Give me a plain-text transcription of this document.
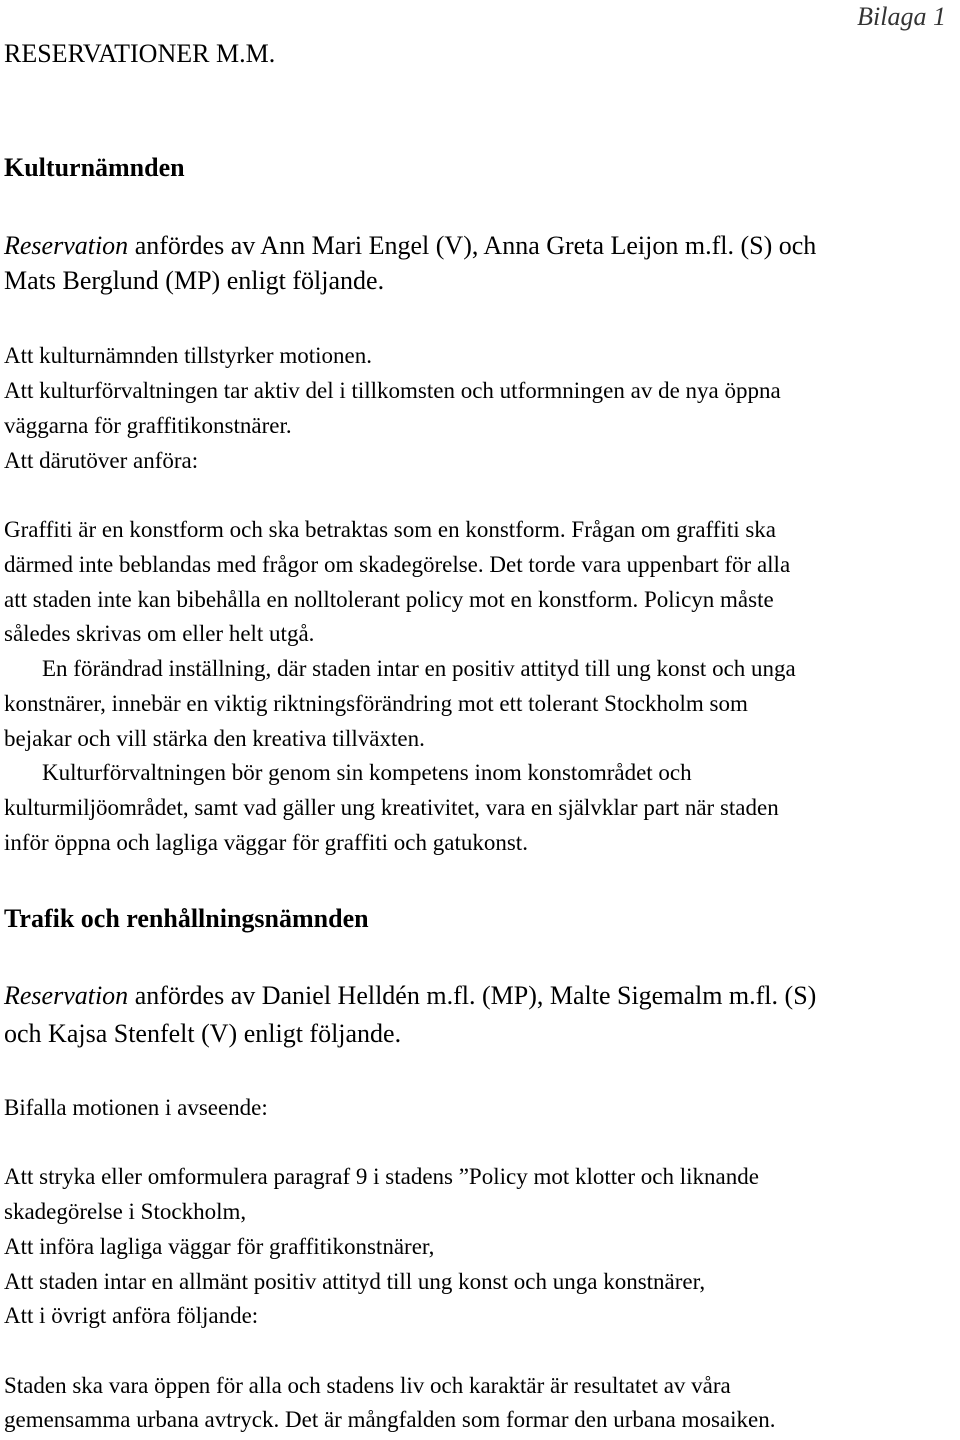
Bilaga 1
RESERVATIONER M.M.
Kulturnämnden
Reservation anfördes av Ann Mari Engel (V), Anna Greta Leijon m.fl. (S) och
Mats Berglund (MP) enligt följande.
Att kulturnämnden tillstyrker motionen.
Att kulturförvaltningen tar aktiv del i tillkomsten och utformningen av de nya öppna
väggarna för graffitikonstnärer.
Att därutöver anföra:
Graffiti är en konstform och ska betraktas som en konstform. Frågan om graffiti ska
därmed inte beblandas med frågor om skadegörelse. Det torde vara uppenbart för alla
att staden inte kan bibehålla en nolltolerant policy mot en konstform. Policyn måste
således skrivas om eller helt utgå.
En förändrad inställning, där staden intar en positiv attityd till ung konst och unga
konstnärer, innebär en viktig riktningsförändring mot ett tolerant Stockholm som
bejakar och vill stärka den kreativa tillväxten.
Kulturförvaltningen bör genom sin kompetens inom konstområdet och
kulturmiljöområdet, samt vad gäller ung kreativitet, vara en självklar part när staden
inför öppna och lagliga väggar för graffiti och gatukonst.
Trafik och renhållningsnämnden
Reservation anfördes av Daniel Helldén m.fl. (MP), Malte Sigemalm m.fl. (S)
och Kajsa Stenfelt (V) enligt följande.
Bifalla motionen i avseende:
Att stryka eller omformulera paragraf 9 i stadens ”Policy mot klotter och liknande
skadegörelse i Stockholm,
Att införa lagliga väggar för graffitikonstnärer,
Att staden intar en allmänt positiv attityd till ung konst och unga konstnärer,
Att i övrigt anföra följande:
Staden ska vara öppen för alla och stadens liv och karaktär är resultatet av våra
gemensamma urbana avtryck. Det är mångfalden som formar den urbana mosaiken.
